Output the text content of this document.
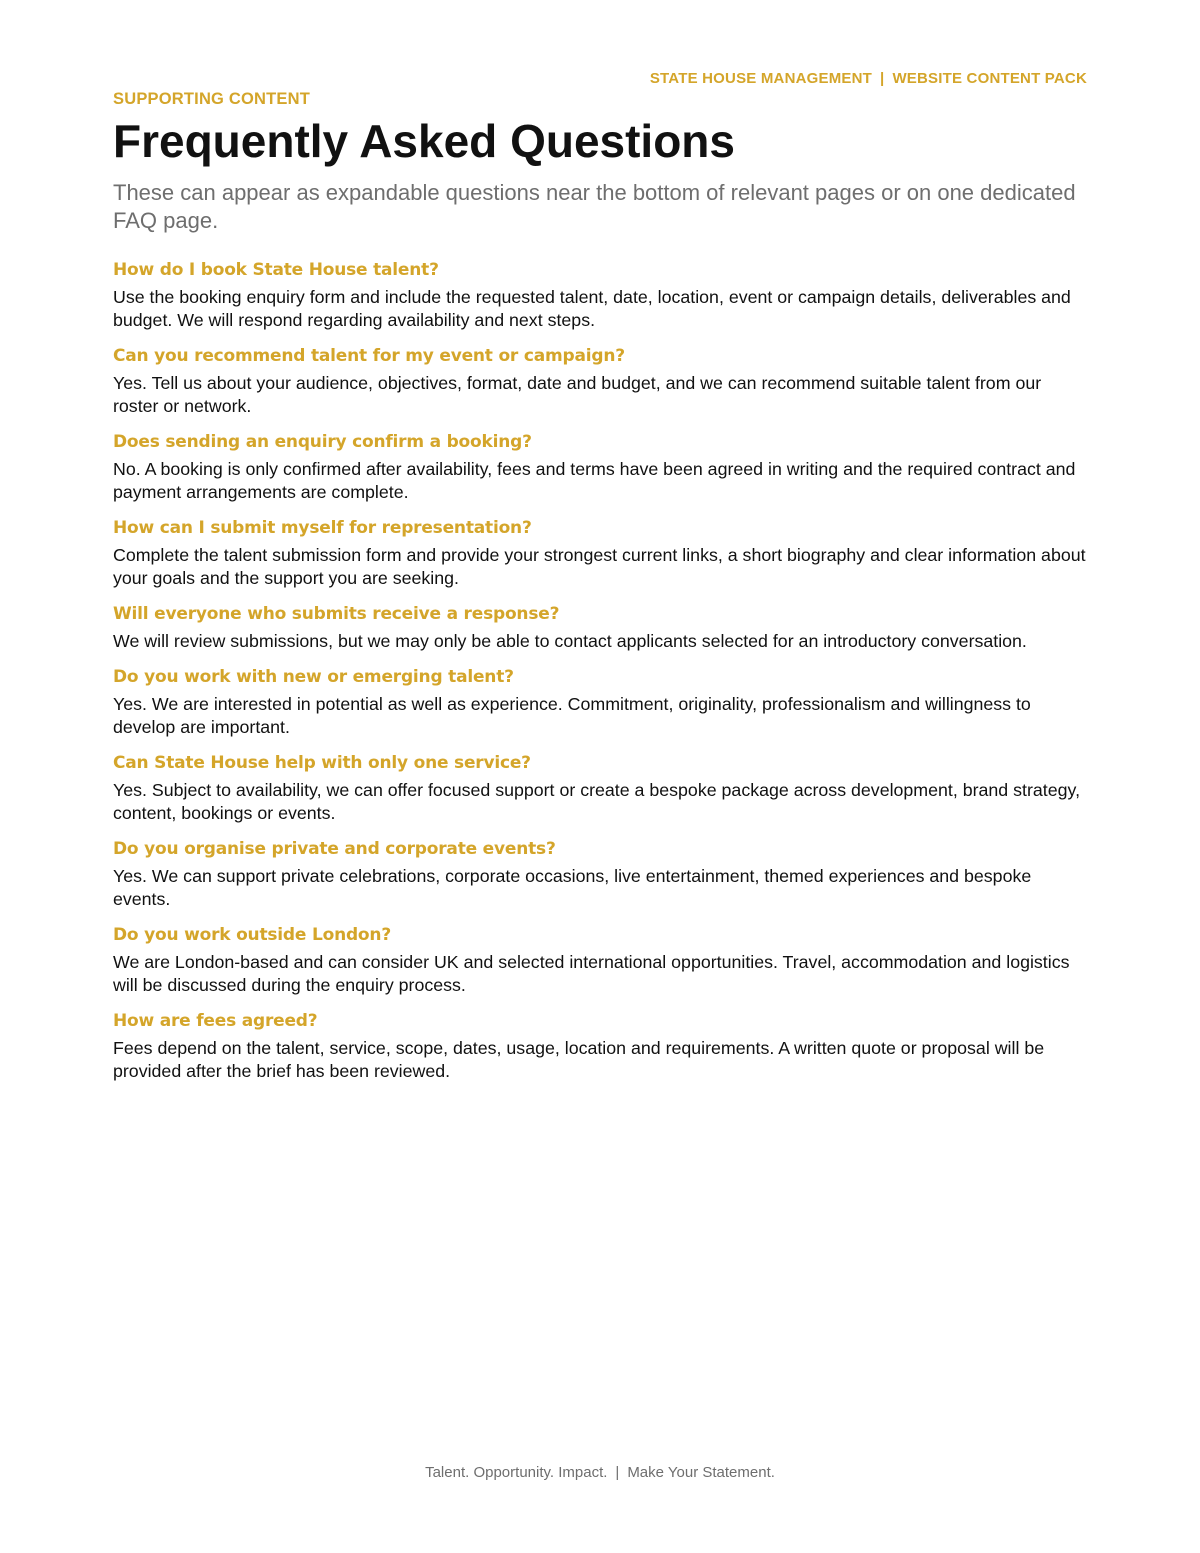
STATE HOUSE MANAGEMENT | WEBSITE CONTENT PACK

SUPPORTING CONTENT

Frequently Asked Questions

These can appear as expandable questions near the bottom of relevant pages or on one dedicated FAQ page.

How do I book State House talent?

Use the booking enquiry form and include the requested talent, date, location, event or campaign details, deliverables and budget. We will respond regarding availability and next steps.

Can you recommend talent for my event or campaign?

Yes. Tell us about your audience, objectives, format, date and budget, and we can recommend suitable talent from our roster or network.

Does sending an enquiry confirm a booking?

No. A booking is only confirmed after availability, fees and terms have been agreed in writing and the required contract and payment arrangements are complete.

How can I submit myself for representation?

Complete the talent submission form and provide your strongest current links, a short biography and clear information about your goals and the support you are seeking.

Will everyone who submits receive a response?

We will review submissions, but we may only be able to contact applicants selected for an introductory conversation.

Do you work with new or emerging talent?

Yes. We are interested in potential as well as experience. Commitment, originality, professionalism and willingness to develop are important.

Can State House help with only one service?

Yes. Subject to availability, we can offer focused support or create a bespoke package across development, brand strategy, content, bookings or events.

Do you organise private and corporate events?

Yes. We can support private celebrations, corporate occasions, live entertainment, themed experiences and bespoke events.

Do you work outside London?

We are London-based and can consider UK and selected international opportunities. Travel, accommodation and logistics will be discussed during the enquiry process.

How are fees agreed?

Fees depend on the talent, service, scope, dates, usage, location and requirements. A written quote or proposal will be provided after the brief has been reviewed.

Talent. Opportunity. Impact. | Make Your Statement.
